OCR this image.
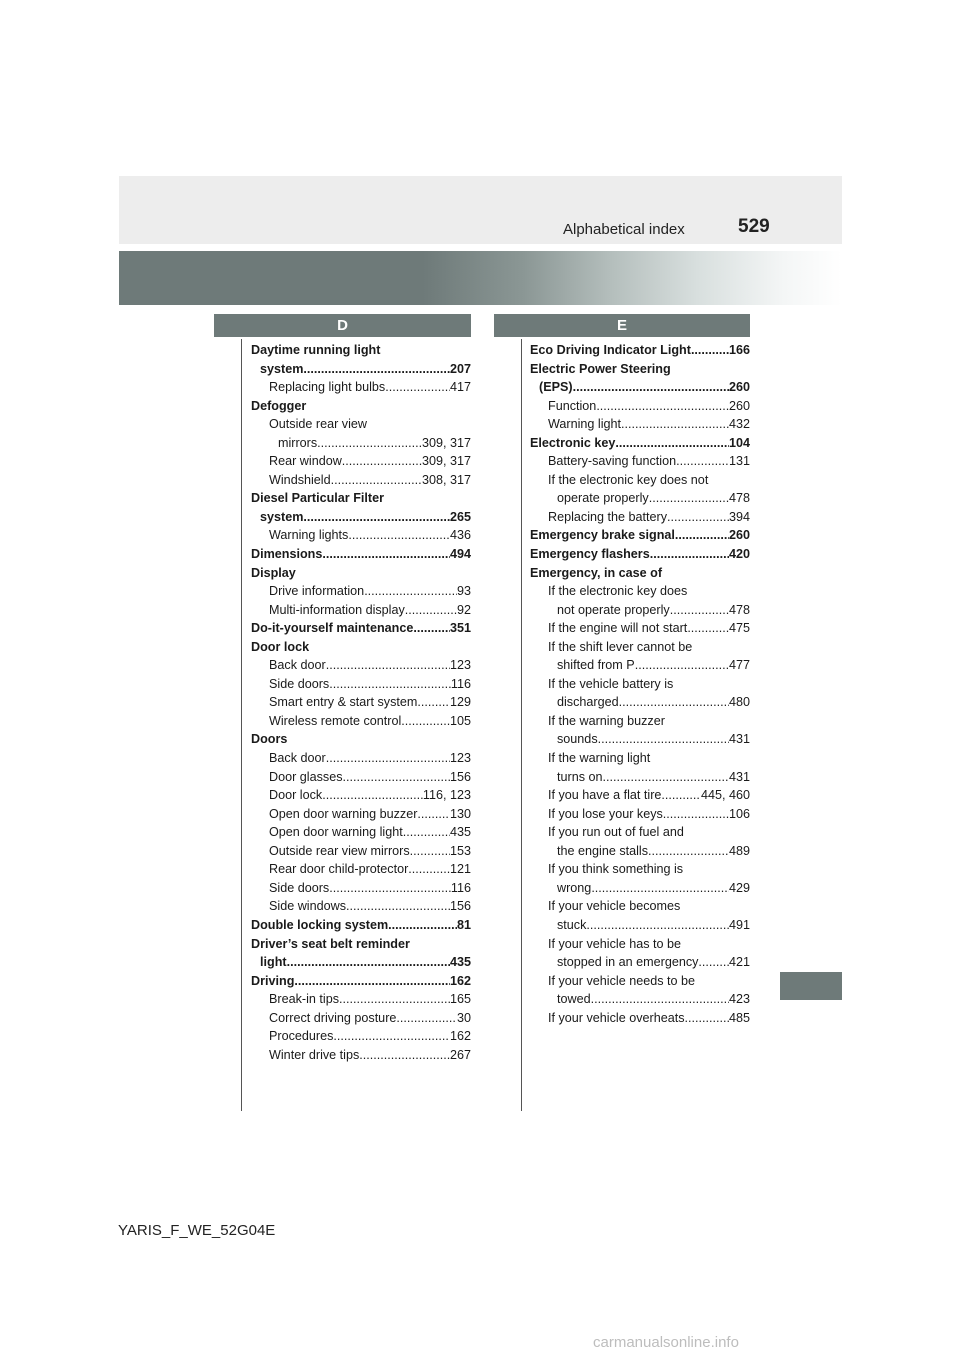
Alphabetical index	529
D	E
Daytime running light
system .....	207
Replacing light bulbs .....	417
Defogger
Outside rear view
mirrors .....	309, 317
Rear window .....	309, 317
Windshield .....	308, 317
Diesel Particular Filter
system .....	265
Warning lights .....	436
Dimensions .....	494
Display
Drive information .....	93
Multi-information display .....	92
Do-it-yourself maintenance .....	351
Door lock
Back door .....	123
Side doors .....	116
Smart entry & start system .....	129
Wireless remote control .....	105
Doors
Back door .....	123
Door glasses .....	156
Door lock .....	116, 123
Open door warning buzzer .....	130
Open door warning light .....	435
Outside rear view mirrors .....	153
Rear door child-protector .....	121
Side doors .....	116
Side windows .....	156
Double locking system .....	81
Driver’s seat belt reminder
light .....	435
Driving .....	162
Break-in tips .....	165
Correct driving posture .....	30
Procedures .....	162
Winter drive tips .....	267
Eco Driving Indicator Light .....	166
Electric Power Steering
(EPS) .....	260
Function .....	260
Warning light .....	432
Electronic key .....	104
Battery-saving function .....	131
If the electronic key does not
operate properly .....	478
Replacing the battery .....	394
Emergency brake signal .....	260
Emergency flashers .....	420
Emergency, in case of
If the electronic key does
not operate properly .....	478
If the engine will not start .....	475
If the shift lever cannot be
shifted from P .....	477
If the vehicle battery is
discharged .....	480
If the warning buzzer
sounds .....	431
If the warning light
turns on .....	431
If you have a flat tire .....	445, 460
If you lose your keys .....	106
If you run out of fuel and
the engine stalls .....	489
If you think something is
wrong .....	429
If your vehicle becomes
stuck .....	491
If your vehicle has to be
stopped in an emergency ..... 421
If your vehicle needs to be
towed .....	423
If your vehicle overheats .....	485
YARIS_F_WE_52G04E
carmanualsonline.info
